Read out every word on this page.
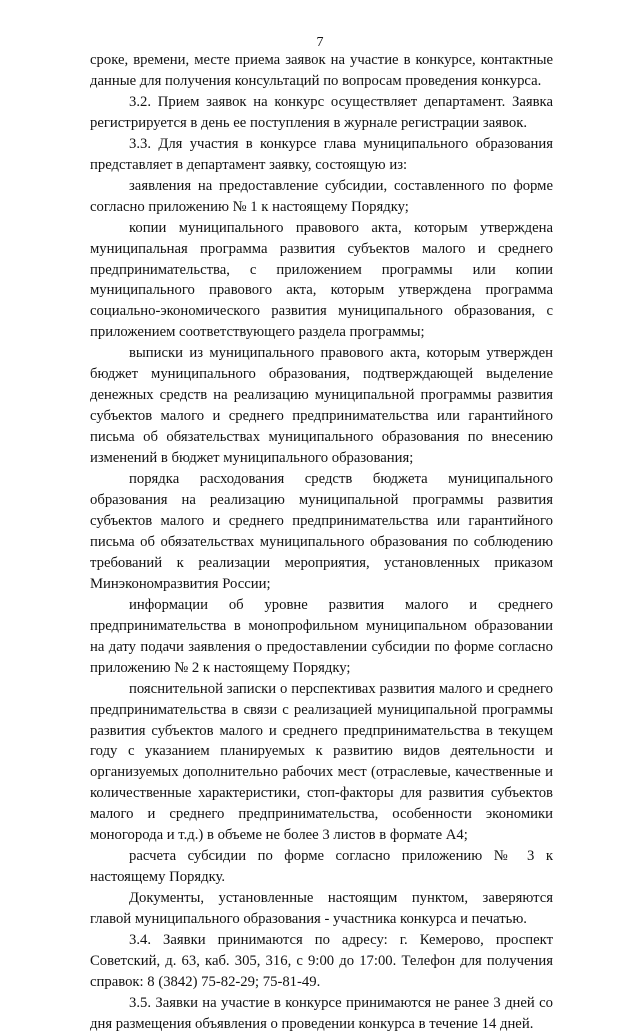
7

сроке, времени, месте приема заявок на участие в конкурсе, контактные данные для получения консультаций по вопросам проведения конкурса.

3.2. Прием заявок на конкурс осуществляет департамент. Заявка регистрируется в день ее поступления в журнале регистрации заявок.

3.3. Для участия в конкурсе глава муниципального образования представляет в департамент заявку, состоящую из:

заявления на предоставление субсидии, составленного по форме согласно приложению № 1 к настоящему Порядку;

копии муниципального правового акта, которым утверждена муниципальная программа развития субъектов малого и среднего предпринимательства, с приложением программы или копии муниципального правового акта, которым утверждена программа социально-экономического развития муниципального образования, с приложением соответствующего раздела программы;

выписки из муниципального правового акта, которым утвержден бюджет муниципального образования, подтверждающей выделение денежных средств на реализацию муниципальной программы развития субъектов малого и среднего предпринимательства или гарантийного письма об обязательствах муниципального образования по внесению изменений в бюджет муниципального образования;

порядка расходования средств бюджета муниципального образования на реализацию муниципальной программы развития субъектов малого и среднего предпринимательства или гарантийного письма об обязательствах муниципального образования по соблюдению требований к реализации мероприятия, установленных приказом Минэкономразвития России;

информации об уровне развития малого и среднего предпринимательства в монопрофильном муниципальном образовании на дату подачи заявления о предоставлении субсидии по форме согласно приложению № 2 к настоящему Порядку;

пояснительной записки о перспективах развития малого и среднего предпринимательства в связи с реализацией муниципальной программы развития субъектов малого и среднего предпринимательства в текущем году с указанием планируемых к развитию видов деятельности и организуемых дополнительно рабочих мест (отраслевые, качественные и количественные характеристики, стоп-факторы для развития субъектов малого и среднего предпринимательства, особенности экономики моногорода и т.д.) в объеме не более 3 листов в формате А4;

расчета субсидии по форме согласно приложению № 3 к настоящему Порядку.

Документы, установленные настоящим пунктом, заверяются главой муниципального образования - участника конкурса и печатью.

3.4. Заявки принимаются по адресу: г. Кемерово, проспект Советский, д. 63, каб. 305, 316, с 9:00 до 17:00. Телефон для получения справок: 8 (3842) 75-82-29; 75-81-49.

3.5. Заявки на участие в конкурсе принимаются не ранее 3 дней со дня размещения объявления о проведении конкурса в течение 14 дней.
